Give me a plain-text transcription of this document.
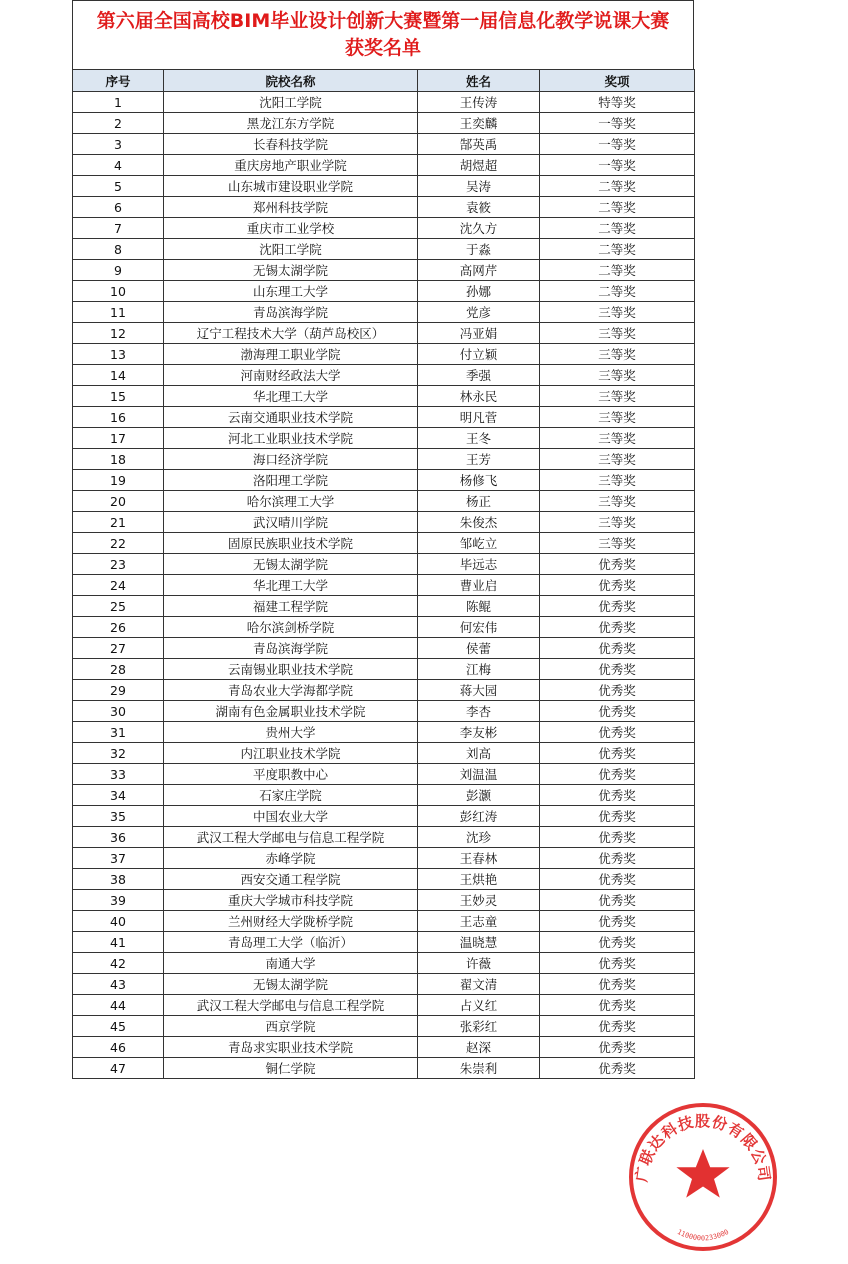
第六届全国高校BIM毕业设计创新大赛暨第一届信息化教学说课大赛
获奖名单
序号	院校名称	姓名	奖项
1	沈阳工学院	王传涛	特等奖
2	黑龙江东方学院	王奕麟	一等奖
3	长春科技学院	郜英禹	一等奖
4	重庆房地产职业学院	胡煜超	一等奖
5	山东城市建设职业学院	吴涛	二等奖
6	郑州科技学院	袁筱	二等奖
7	重庆市工业学校	沈久方	二等奖
8	沈阳工学院	于淼	二等奖
9	无锡太湖学院	高网芹	二等奖
10	山东理工大学	孙娜	二等奖
11	青岛滨海学院	党彦	三等奖
12	辽宁工程技术大学（葫芦岛校区）	冯亚娟	三等奖
13	渤海理工职业学院	付立颖	三等奖
14	河南财经政法大学	季强	三等奖
15	华北理工大学	林永民	三等奖
16	云南交通职业技术学院	明凡菅	三等奖
17	河北工业职业技术学院	王冬	三等奖
18	海口经济学院	王芳	三等奖
19	洛阳理工学院	杨修飞	三等奖
20	哈尔滨理工大学	杨正	三等奖
21	武汉晴川学院	朱俊杰	三等奖
22	固原民族职业技术学院	邹屹立	三等奖
23	无锡太湖学院	毕远志	优秀奖
24	华北理工大学	曹业启	优秀奖
25	福建工程学院	陈鲲	优秀奖
26	哈尔滨剑桥学院	何宏伟	优秀奖
27	青岛滨海学院	侯蕾	优秀奖
28	云南锡业职业技术学院	江梅	优秀奖
29	青岛农业大学海都学院	蒋大园	优秀奖
30	湖南有色金属职业技术学院	李杏	优秀奖
31	贵州大学	李友彬	优秀奖
32	内江职业技术学院	刘高	优秀奖
33	平度职教中心	刘温温	优秀奖
34	石家庄学院	彭灏	优秀奖
35	中国农业大学	彭红涛	优秀奖
36	武汉工程大学邮电与信息工程学院	沈珍	优秀奖
37	赤峰学院	王春林	优秀奖
38	西安交通工程学院	王烘艳	优秀奖
39	重庆大学城市科技学院	王妙灵	优秀奖
40	兰州财经大学陇桥学院	王志童	优秀奖
41	青岛理工大学（临沂）	温晓慧	优秀奖
42	南通大学	许薇	优秀奖
43	无锡太湖学院	翟文清	优秀奖
44	武汉工程大学邮电与信息工程学院	占义红	优秀奖
45	西京学院	张彩红	优秀奖
46	青岛求实职业技术学院	赵深	优秀奖
47	铜仁学院	朱崇利	优秀奖
广联达科技股份有限公司
1100000233000
